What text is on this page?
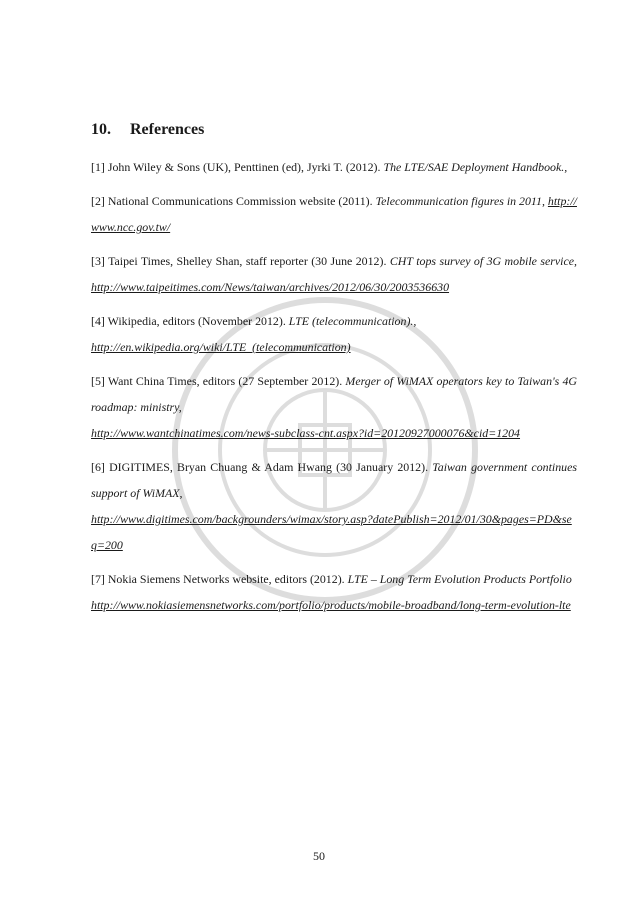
10. References

[1] John Wiley & Sons (UK), Penttinen (ed), Jyrki T. (2012). The LTE/SAE Deployment Handbook.,

[2] National Communications Commission website (2011). Telecommunication figures in 2011, http://www.ncc.gov.tw/

[3] Taipei Times, Shelley Shan, staff reporter (30 June 2012). CHT tops survey of 3G mobile service, http://www.taipeitimes.com/News/taiwan/archives/2012/06/30/2003536630

[4] Wikipedia, editors (November 2012). LTE (telecommunication).,
http://en.wikipedia.org/wiki/LTE_(telecommunication)

[5] Want China Times, editors (27 September 2012). Merger of WiMAX operators key to Taiwan's 4G roadmap: ministry,
http://www.wantchinatimes.com/news-subclass-cnt.aspx?id=20120927000076&cid=1204

[6] DIGITIMES, Bryan Chuang & Adam Hwang (30 January 2012). Taiwan government continues support of WiMAX,
http://www.digitimes.com/backgrounders/wimax/story.asp?datePublish=2012/01/30&pages=PD&seq=200

[7] Nokia Siemens Networks website, editors (2012). LTE – Long Term Evolution Products Portfolio
http://www.nokiasiemensnetworks.com/portfolio/products/mobile-broadband/long-term-evolution-lte

50
